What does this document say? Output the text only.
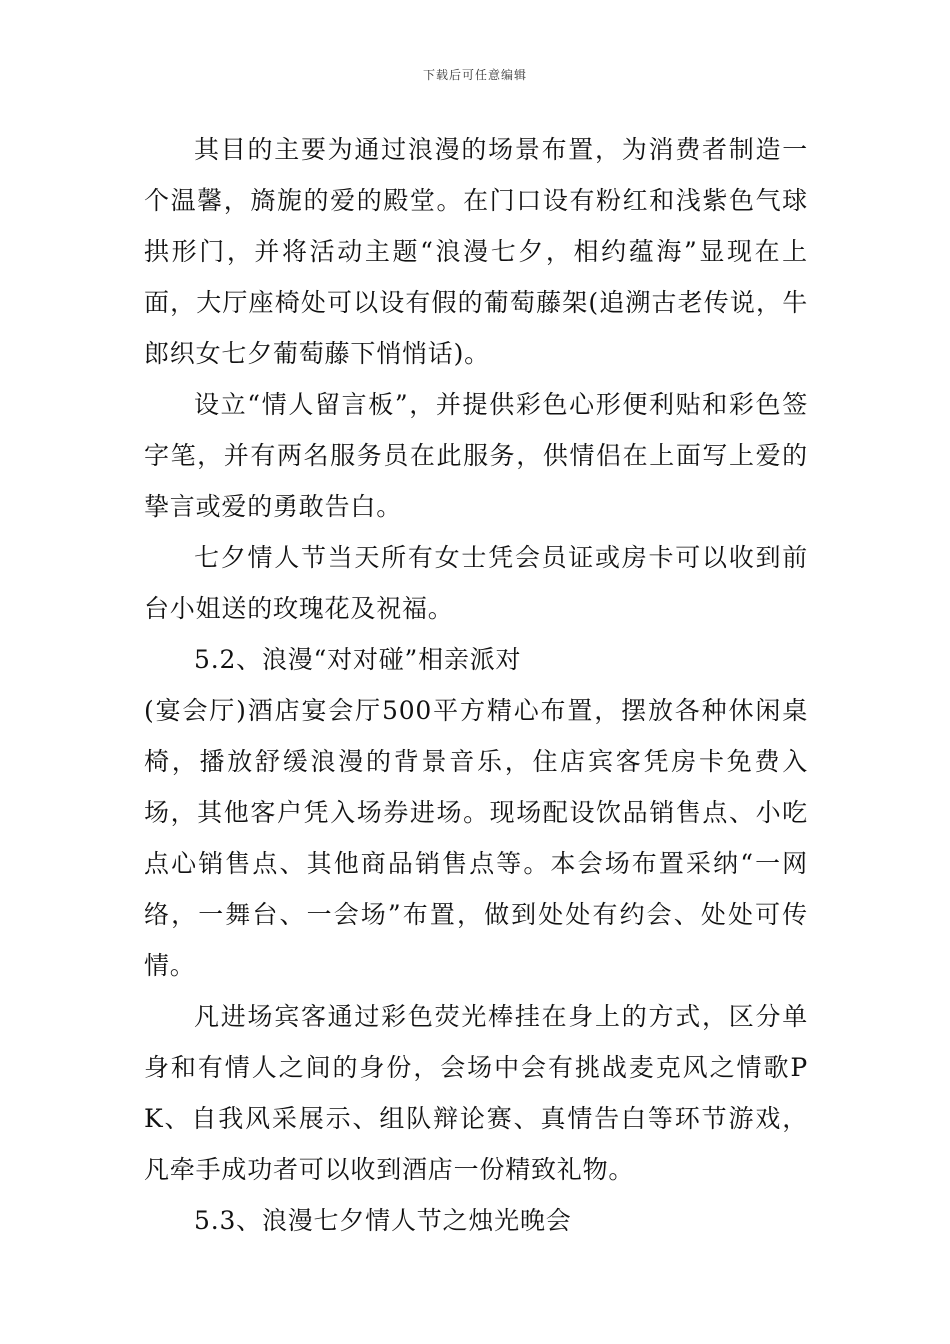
下载后可任意编辑

其目的主要为通过浪漫的场景布置，为消费者制造一个温馨，旖旎的爱的殿堂。在门口设有粉红和浅紫色气球拱形门，并将活动主题“浪漫七夕，相约蕴海”显现在上面，大厅座椅处可以设有假的葡萄藤架(追溯古老传说，牛郎织女七夕葡萄藤下悄悄话)。

设立“情人留言板”，并提供彩色心形便利贴和彩色签字笔，并有两名服务员在此服务，供情侣在上面写上爱的挚言或爱的勇敢告白。

七夕情人节当天所有女士凭会员证或房卡可以收到前台小姐送的玫瑰花及祝福。

5.2、浪漫“对对碰”相亲派对

(宴会厅)酒店宴会厅500平方精心布置，摆放各种休闲桌椅，播放舒缓浪漫的背景音乐，住店宾客凭房卡免费入场，其他客户凭入场券进场。现场配设饮品销售点、小吃点心销售点、其他商品销售点等。本会场布置采纳“一网络，一舞台、一会场”布置，做到处处有约会、处处可传情。

凡进场宾客通过彩色荧光棒挂在身上的方式，区分单身和有情人之间的身份，会场中会有挑战麦克风之情歌PK、自我风采展示、组队辩论赛、真情告白等环节游戏，凡牵手成功者可以收到酒店一份精致礼物。

5.3、浪漫七夕情人节之烛光晚会
